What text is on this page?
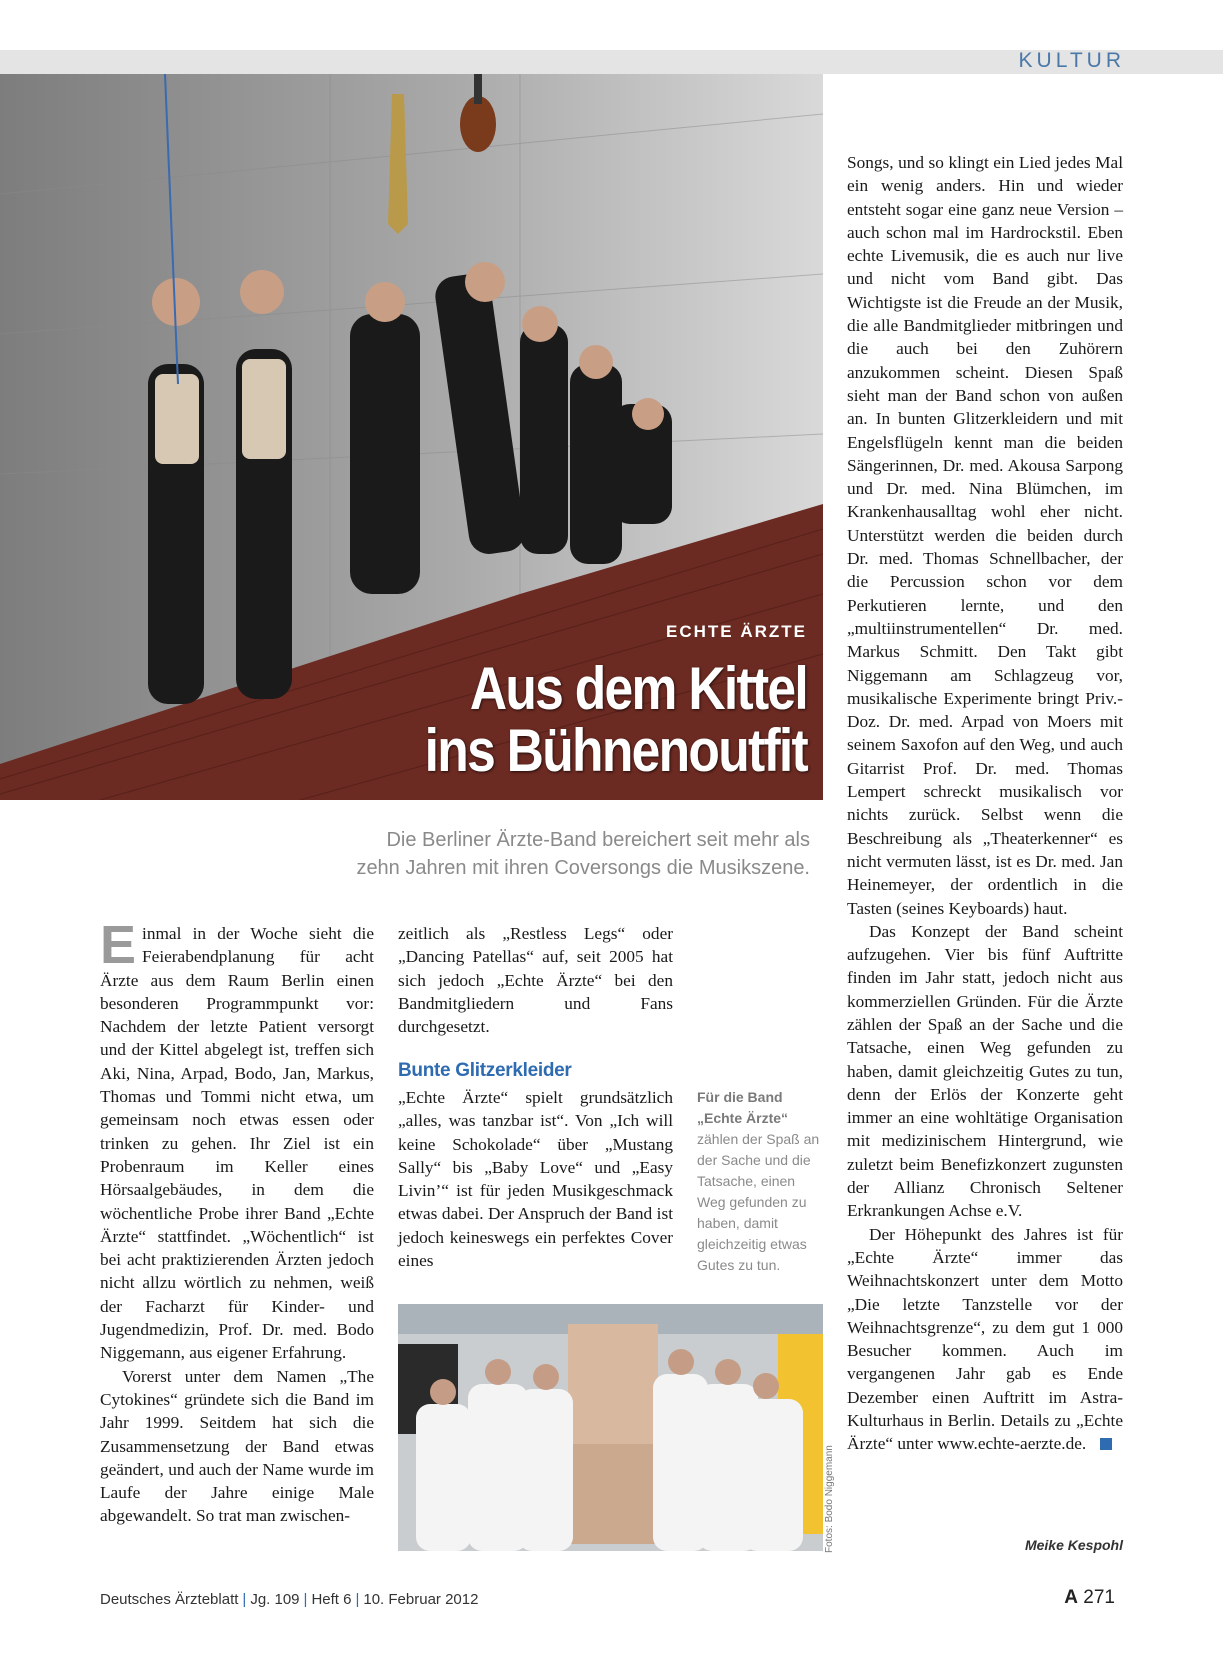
KULTUR
ECHTE ÄRZTE
Aus dem Kittel
ins Bühnenoutfit
Die Berliner Ärzte-Band bereichert seit mehr als
zehn Jahren mit ihren Coversongs die Musikszene.

Einmal in der Woche sieht die Feierabendplanung für acht Ärzte aus dem Raum Berlin einen besonderen Programmpunkt vor: Nachdem der letzte Patient versorgt und der Kittel abgelegt ist, treffen sich Aki, Nina, Arpad, Bodo, Jan, Markus, Thomas und Tommi nicht etwa, um gemeinsam noch etwas essen oder trinken zu gehen. Ihr Ziel ist ein Probenraum im Keller eines Hörsaalgebäudes, in dem die wöchentliche Probe ihrer Band „Echte Ärzte“ stattfindet. „Wöchentlich“ ist bei acht praktizierenden Ärzten jedoch nicht allzu wörtlich zu nehmen, weiß der Facharzt für Kinder- und Jugendmedizin, Prof. Dr. med. Bodo Niggemann, aus eigener Erfahrung.

Vorerst unter dem Namen „The Cytokines“ gründete sich die Band im Jahr 1999. Seitdem hat sich die Zusammensetzung der Band etwas geändert, und auch der Name wurde im Laufe der Jahre einige Male abgewandelt. So trat man zwischen-

zeitlich als „Restless Legs“ oder „Dancing Patellas“ auf, seit 2005 hat sich jedoch „Echte Ärzte“ bei den Bandmitgliedern und Fans durchgesetzt.

Bunte Glitzerkleider

„Echte Ärzte“ spielt grundsätzlich „alles, was tanzbar ist“. Von „Ich will keine Schokolade“ über „Mustang Sally“ bis „Baby Love“ und „Easy Livin’“ ist für jeden Musikgeschmack etwas dabei. Der Anspruch der Band ist jedoch keineswegs ein perfektes Cover eines

Für die Band
„Echte Ärzte“
zählen der Spaß an der Sache und die Tatsache, einen Weg gefunden zu haben, damit gleichzeitig etwas Gutes zu tun.
Fotos: Bodo Niggemann

Songs, und so klingt ein Lied jedes Mal ein wenig anders. Hin und wieder entsteht sogar eine ganz neue Version – auch schon mal im Hardrockstil. Eben echte Livemusik, die es auch nur live und nicht vom Band gibt. Das Wichtigste ist die Freude an der Musik, die alle Bandmitglieder mitbringen und die auch bei den Zuhörern anzukommen scheint. Diesen Spaß sieht man der Band schon von außen an. In bunten Glitzerkleidern und mit Engelsflügeln kennt man die beiden Sängerinnen, Dr. med. Akousa Sarpong und Dr. med. Nina Blümchen, im Krankenhausalltag wohl eher nicht. Unterstützt werden die beiden durch Dr. med. Thomas Schnellbacher, der die Percussion schon vor dem Perkutieren lernte, und den „multiinstrumentellen“ Dr. med. Markus Schmitt. Den Takt gibt Niggemann am Schlagzeug vor, musikalische Experimente bringt Priv.-Doz. Dr. med. Arpad von Moers mit seinem Saxofon auf den Weg, und auch Gitarrist Prof. Dr. med. Thomas Lempert schreckt musikalisch vor nichts zurück. Selbst wenn die Beschreibung als „Theaterkenner“ es nicht vermuten lässt, ist es Dr. med. Jan Heinemeyer, der ordentlich in die Tasten (seines Keyboards) haut.

Das Konzept der Band scheint aufzugehen. Vier bis fünf Auftritte finden im Jahr statt, jedoch nicht aus kommerziellen Gründen. Für die Ärzte zählen der Spaß an der Sache und die Tatsache, einen Weg gefunden zu haben, damit gleichzeitig Gutes zu tun, denn der Erlös der Konzerte geht immer an eine wohltätige Organisation mit medizinischem Hintergrund, wie zuletzt beim Benefizkonzert zugunsten der Allianz Chronisch Seltener Erkrankungen Achse e.V.

Der Höhepunkt des Jahres ist für „Echte Ärzte“ immer das Weihnachtskonzert unter dem Motto „Die letzte Tanzstelle vor der Weihnachtsgrenze“, zu dem gut 1 000 Besucher kommen. Auch im vergangenen Jahr gab es Ende Dezember einen Auftritt im Astra-Kulturhaus in Berlin. Details zu „Echte Ärzte“ unter www.echte-aerzte.de.

Meike Kespohl
Deutsches Ärzteblatt | Jg. 109 | Heft 6 | 10. Februar 2012	A 271
